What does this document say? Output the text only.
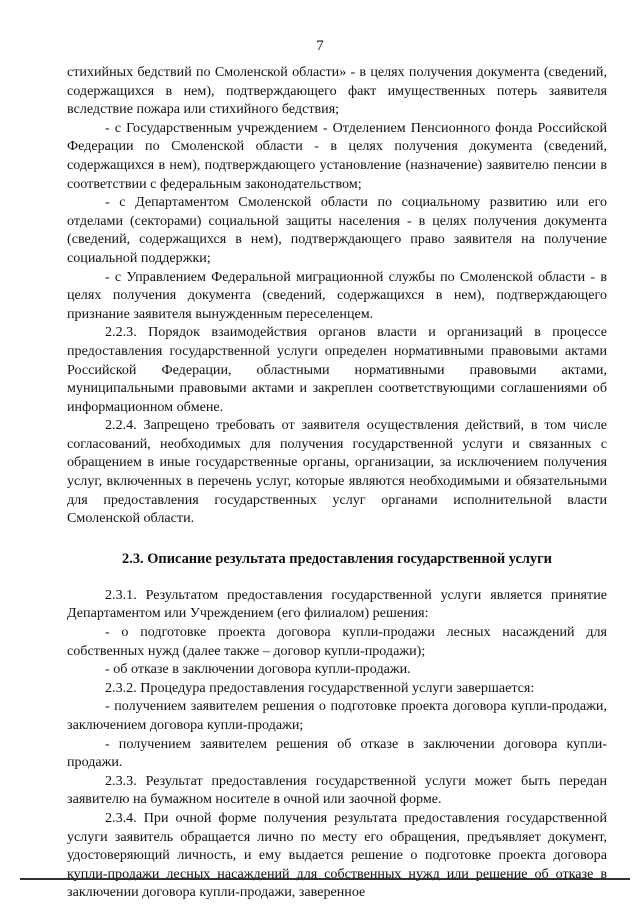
7

стихийных бедствий по Смоленской области» - в целях получения документа (сведений, содержащихся в нем), подтверждающего факт имущественных потерь заявителя вследствие пожара или стихийного бедствия;

- с Государственным учреждением - Отделением Пенсионного фонда Российской Федерации по Смоленской области - в целях получения документа (сведений, содержащихся в нем), подтверждающего установление (назначение) заявителю пенсии в соответствии с федеральным законодательством;

- с Департаментом Смоленской области по социальному развитию или его отделами (секторами) социальной защиты населения - в целях получения документа (сведений, содержащихся в нем), подтверждающего право заявителя на получение социальной поддержки;

- с Управлением Федеральной миграционной службы по Смоленской области - в целях получения документа (сведений, содержащихся в нем), подтверждающего признание заявителя вынужденным переселенцем.

2.2.3. Порядок взаимодействия органов власти и организаций в процессе предоставления государственной услуги определен нормативными правовыми актами Российской Федерации, областными нормативными правовыми актами, муниципальными правовыми актами и закреплен соответствующими соглашениями об информационном обмене.

2.2.4. Запрещено требовать от заявителя осуществления действий, в том числе согласований, необходимых для получения государственной услуги и связанных с обращением в иные государственные органы, организации, за исключением получения услуг, включенных в перечень услуг, которые являются необходимыми и обязательными для предоставления государственных услуг органами исполнительной власти Смоленской области.

2.3. Описание результата предоставления государственной услуги

2.3.1. Результатом предоставления государственной услуги является принятие Департаментом или Учреждением (его филиалом) решения:

- о подготовке проекта договора купли-продажи лесных насаждений для собственных нужд (далее также – договор купли-продажи);

- об отказе в заключении договора купли-продажи.

2.3.2. Процедура предоставления государственной услуги завершается:

- получением заявителем решения о подготовке проекта договора купли-продажи, заключением договора купли-продажи;

- получением заявителем решения об отказе в заключении договора купли-продажи.

2.3.3. Результат предоставления государственной услуги может быть передан заявителю на бумажном носителе в очной или заочной форме.

2.3.4. При очной форме получения результата предоставления государственной услуги заявитель обращается лично по месту его обращения, предъявляет документ, удостоверяющий личность, и ему выдается решение о подготовке проекта договора купли-продажи лесных насаждений для собственных нужд или решение об отказе в заключении договора купли-продажи, заверенное
